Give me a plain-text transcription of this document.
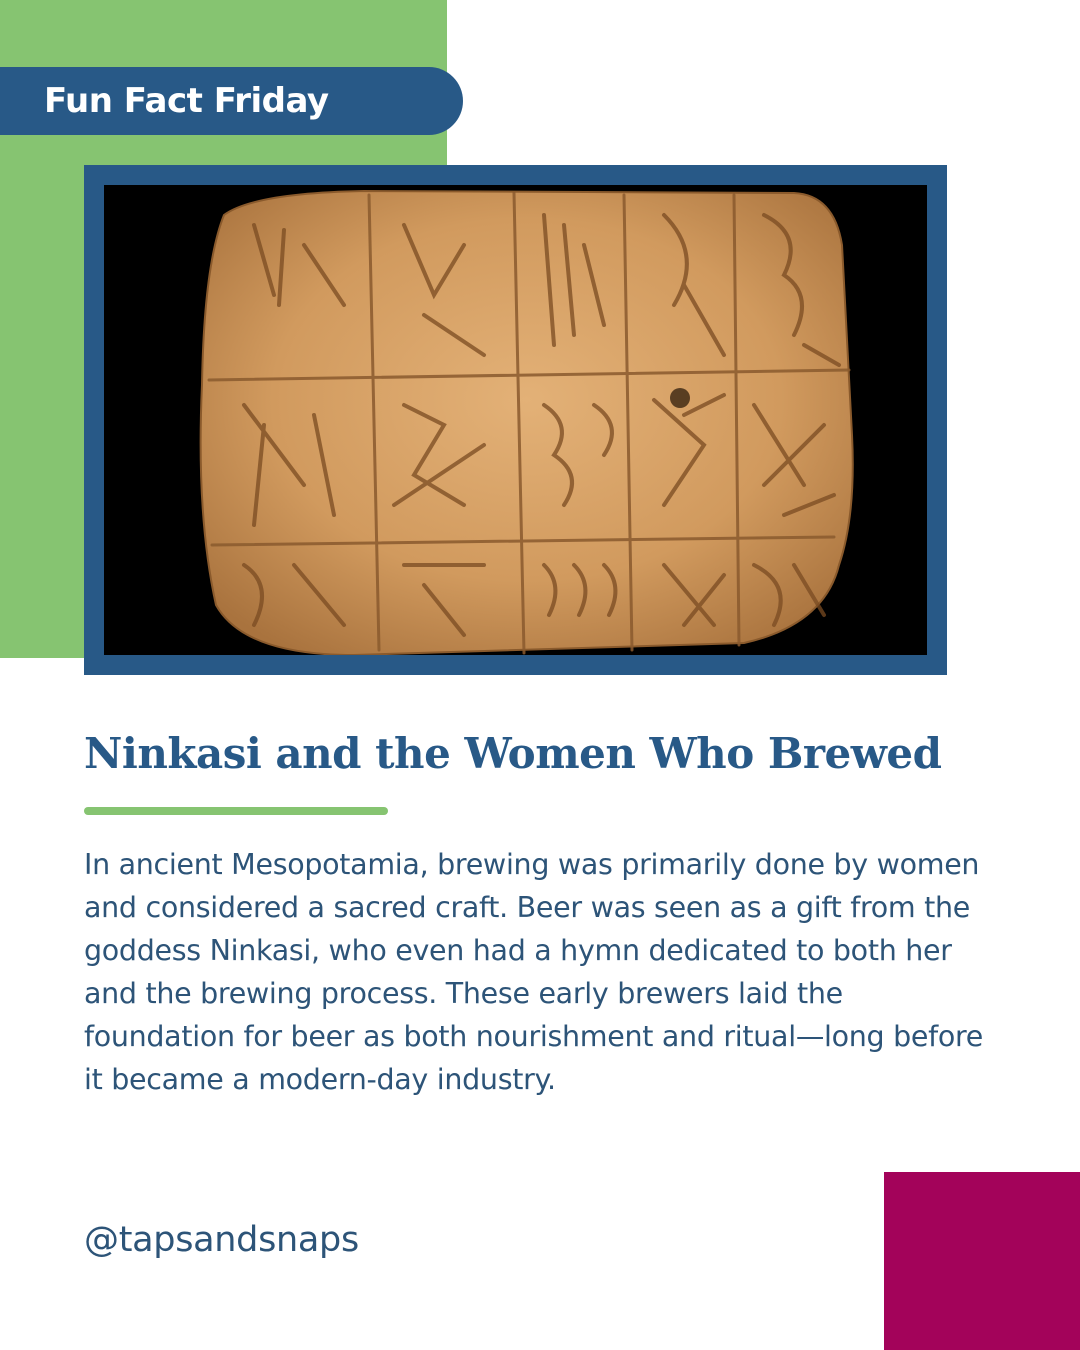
Fun Fact Friday
Ninkasi and the Women Who Brewed
In ancient Mesopotamia, brewing was primarily done by women and considered a sacred craft. Beer was seen as a gift from the goddess Ninkasi, who even had a hymn dedicated to both her and the brewing process. These early brewers laid the foundation for beer as both nourishment and ritual—long before it became a modern-day industry.
@tapsandsnaps
